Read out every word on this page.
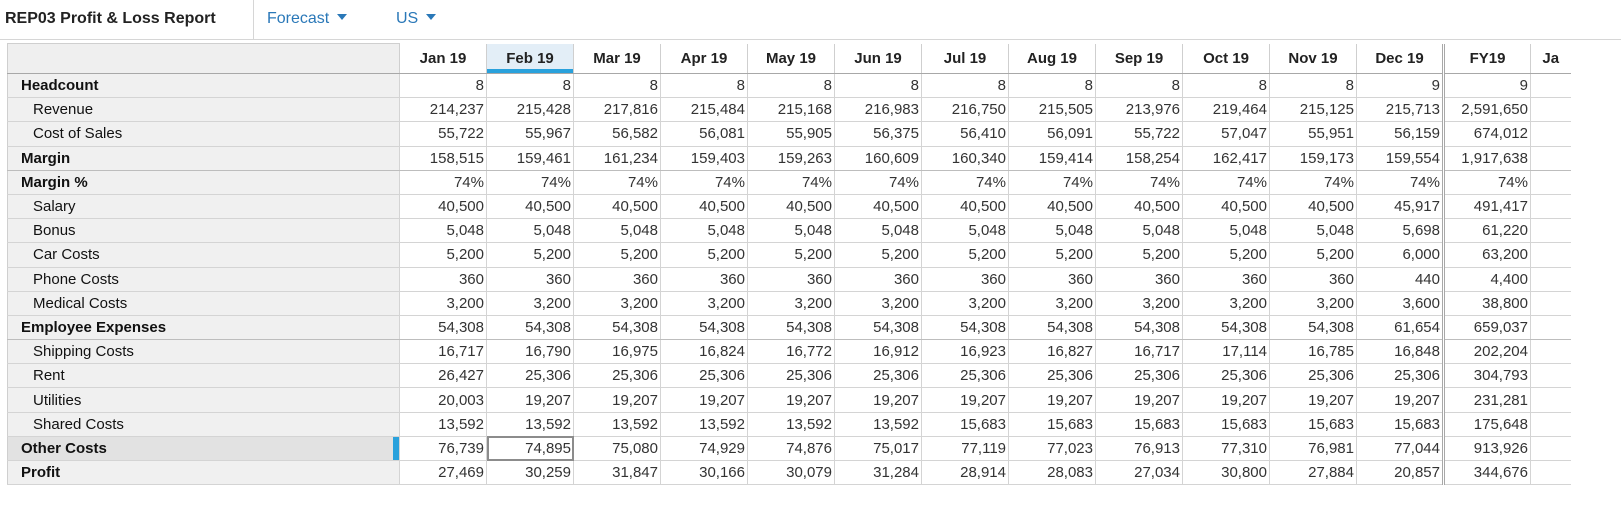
REP03 Profit & Loss Report	Forecast	US
	Jan 19	Feb 19	Mar 19	Apr 19	May 19	Jun 19	Jul 19	Aug 19	Sep 19	Oct 19	Nov 19	Dec 19	FY19	Ja
Headcount	8	8	8	8	8	8	8	8	8	8	8	9	9	
Revenue	214,237	215,428	217,816	215,484	215,168	216,983	216,750	215,505	213,976	219,464	215,125	215,713	2,591,650	
Cost of Sales	55,722	55,967	56,582	56,081	55,905	56,375	56,410	56,091	55,722	57,047	55,951	56,159	674,012	
Margin	158,515	159,461	161,234	159,403	159,263	160,609	160,340	159,414	158,254	162,417	159,173	159,554	1,917,638	
Margin %	74%	74%	74%	74%	74%	74%	74%	74%	74%	74%	74%	74%	74%	
Salary	40,500	40,500	40,500	40,500	40,500	40,500	40,500	40,500	40,500	40,500	40,500	45,917	491,417	
Bonus	5,048	5,048	5,048	5,048	5,048	5,048	5,048	5,048	5,048	5,048	5,048	5,698	61,220	
Car Costs	5,200	5,200	5,200	5,200	5,200	5,200	5,200	5,200	5,200	5,200	5,200	6,000	63,200	
Phone Costs	360	360	360	360	360	360	360	360	360	360	360	440	4,400	
Medical Costs	3,200	3,200	3,200	3,200	3,200	3,200	3,200	3,200	3,200	3,200	3,200	3,600	38,800	
Employee Expenses	54,308	54,308	54,308	54,308	54,308	54,308	54,308	54,308	54,308	54,308	54,308	61,654	659,037	
Shipping Costs	16,717	16,790	16,975	16,824	16,772	16,912	16,923	16,827	16,717	17,114	16,785	16,848	202,204	
Rent	26,427	25,306	25,306	25,306	25,306	25,306	25,306	25,306	25,306	25,306	25,306	25,306	304,793	
Utilities	20,003	19,207	19,207	19,207	19,207	19,207	19,207	19,207	19,207	19,207	19,207	19,207	231,281	
Shared Costs	13,592	13,592	13,592	13,592	13,592	13,592	15,683	15,683	15,683	15,683	15,683	15,683	175,648	
Other Costs	76,739	74,895	75,080	74,929	74,876	75,017	77,119	77,023	76,913	77,310	76,981	77,044	913,926	
Profit	27,469	30,259	31,847	30,166	30,079	31,284	28,914	28,083	27,034	30,800	27,884	20,857	344,676	
